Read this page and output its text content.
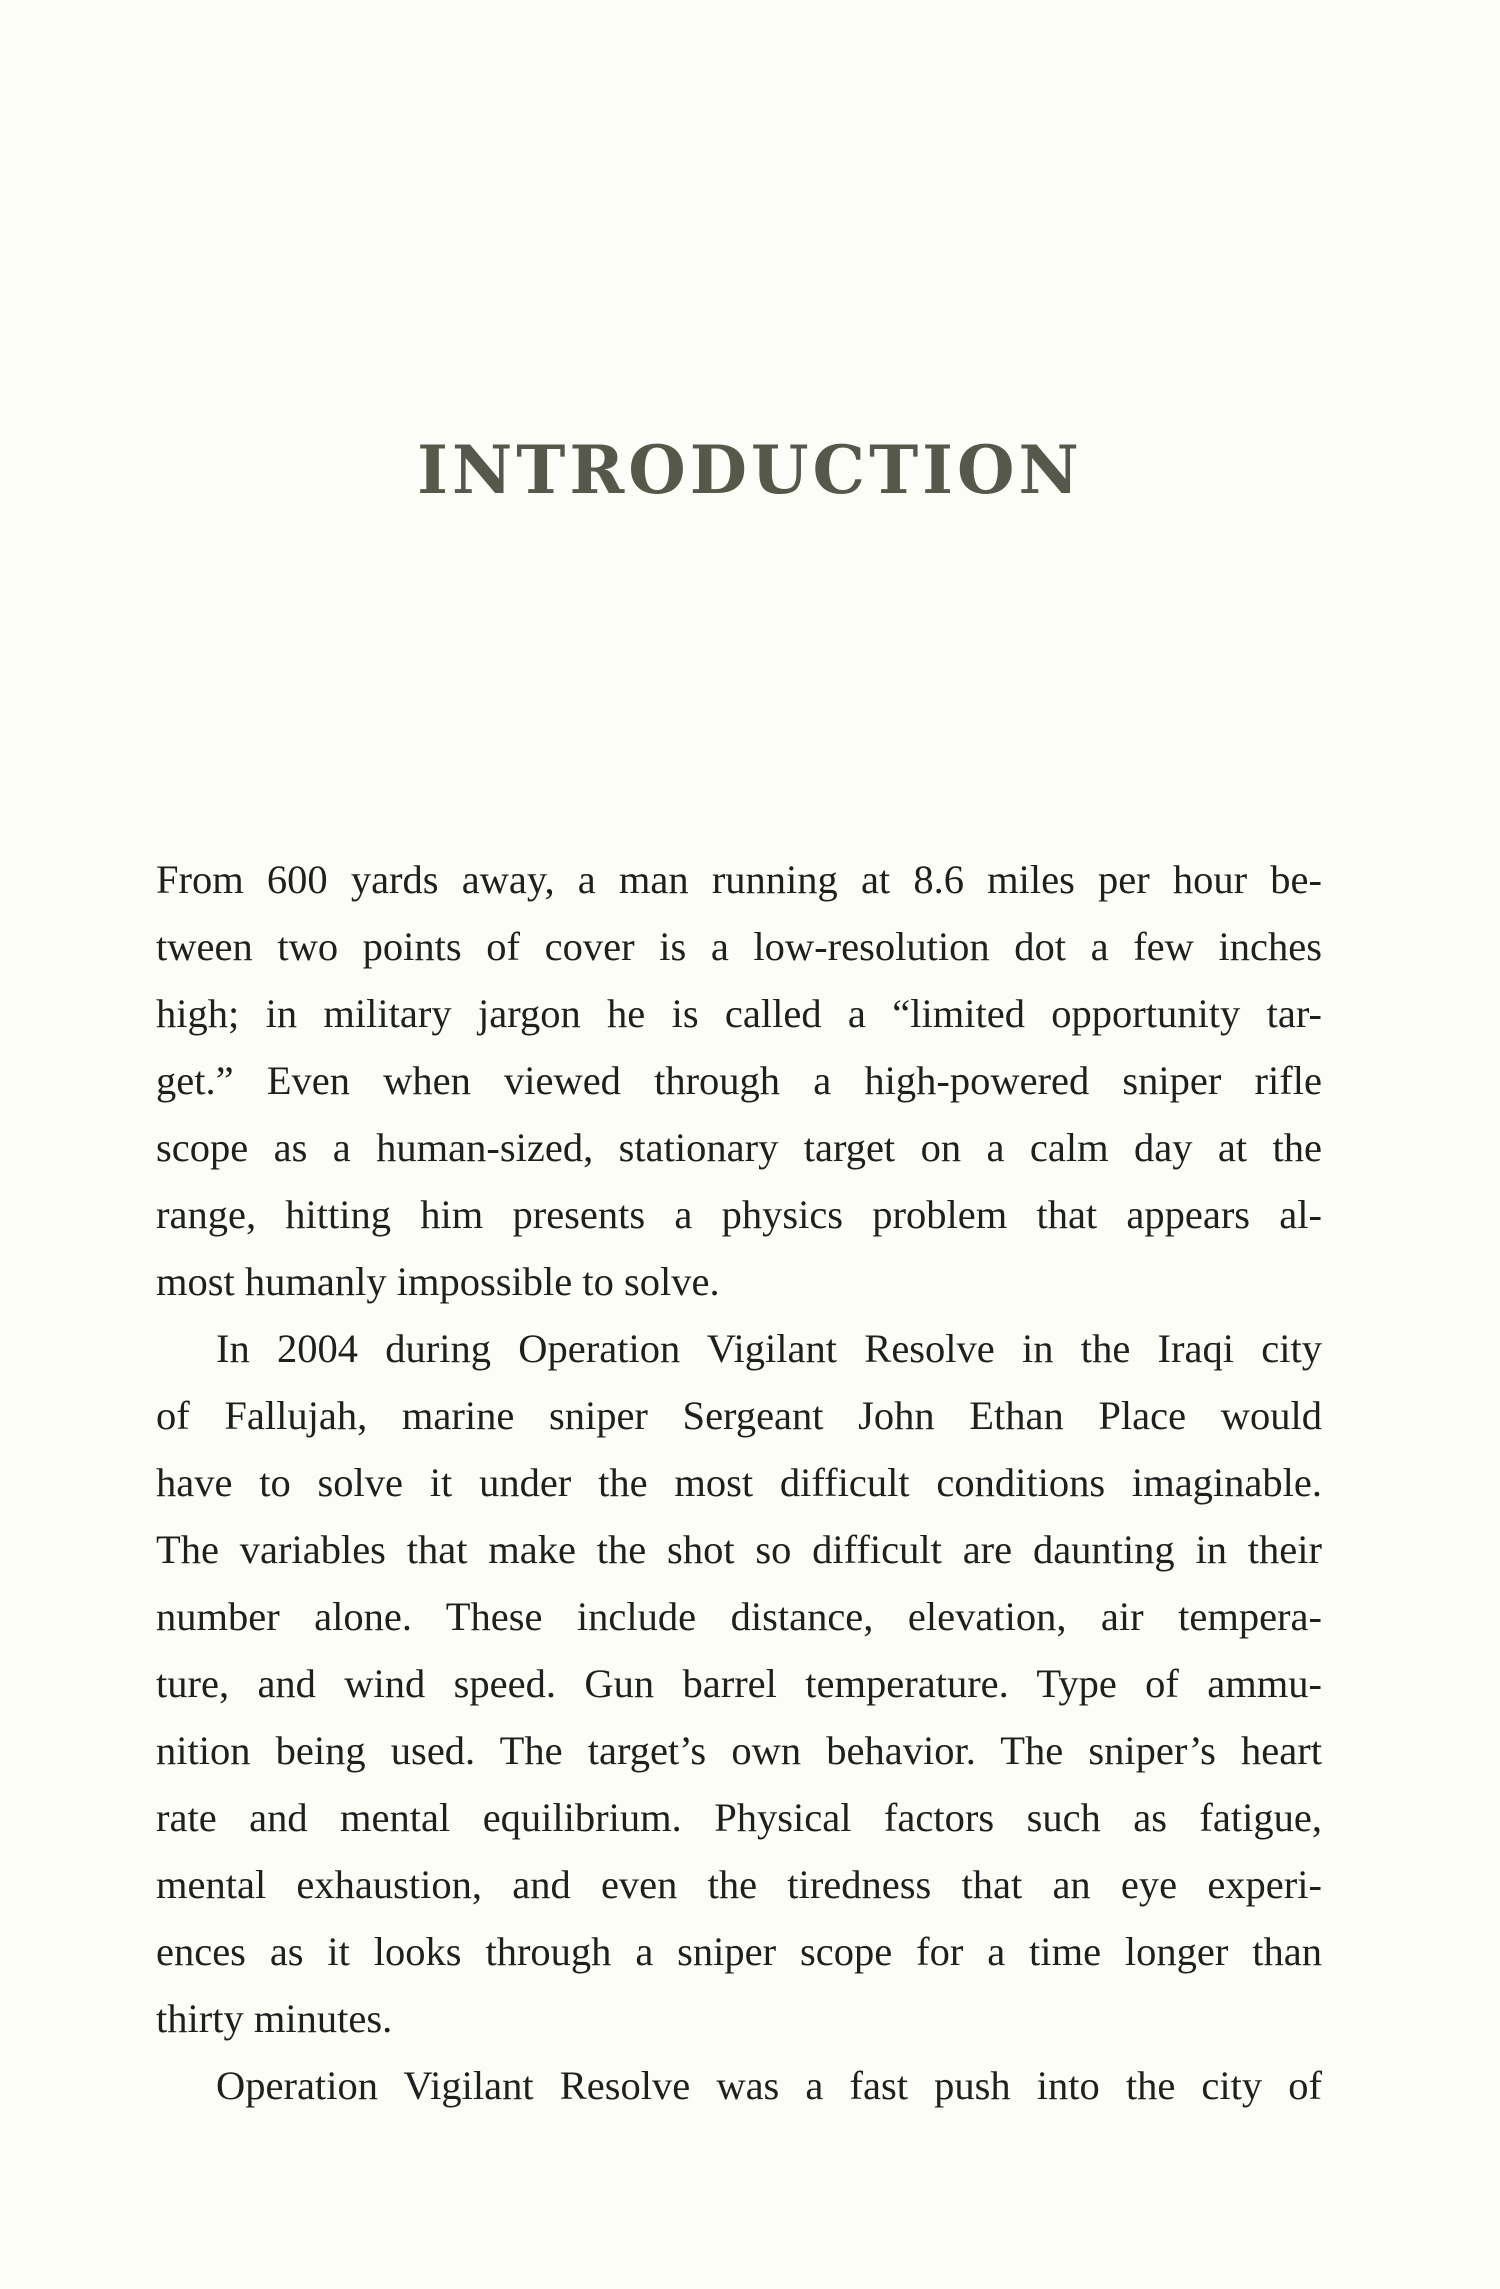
INTRODUCTION

From 600 yards away, a man running at 8.6 miles per hour be-
tween two points of cover is a low-resolution dot a few inches
high; in military jargon he is called a “limited opportunity tar-
get.” Even when viewed through a high-powered sniper rifle
scope as a human-sized, stationary target on a calm day at the
range, hitting him presents a physics problem that appears al-
most humanly impossible to solve.

In 2004 during Operation Vigilant Resolve in the Iraqi city
of Fallujah, marine sniper Sergeant John Ethan Place would
have to solve it under the most difficult conditions imaginable.
The variables that make the shot so difficult are daunting in their
number alone. These include distance, elevation, air tempera-
ture, and wind speed. Gun barrel temperature. Type of ammu-
nition being used. The target’s own behavior. The sniper’s heart
rate and mental equilibrium. Physical factors such as fatigue,
mental exhaustion, and even the tiredness that an eye experi-
ences as it looks through a sniper scope for a time longer than
thirty minutes.

Operation Vigilant Resolve was a fast push into the city of
